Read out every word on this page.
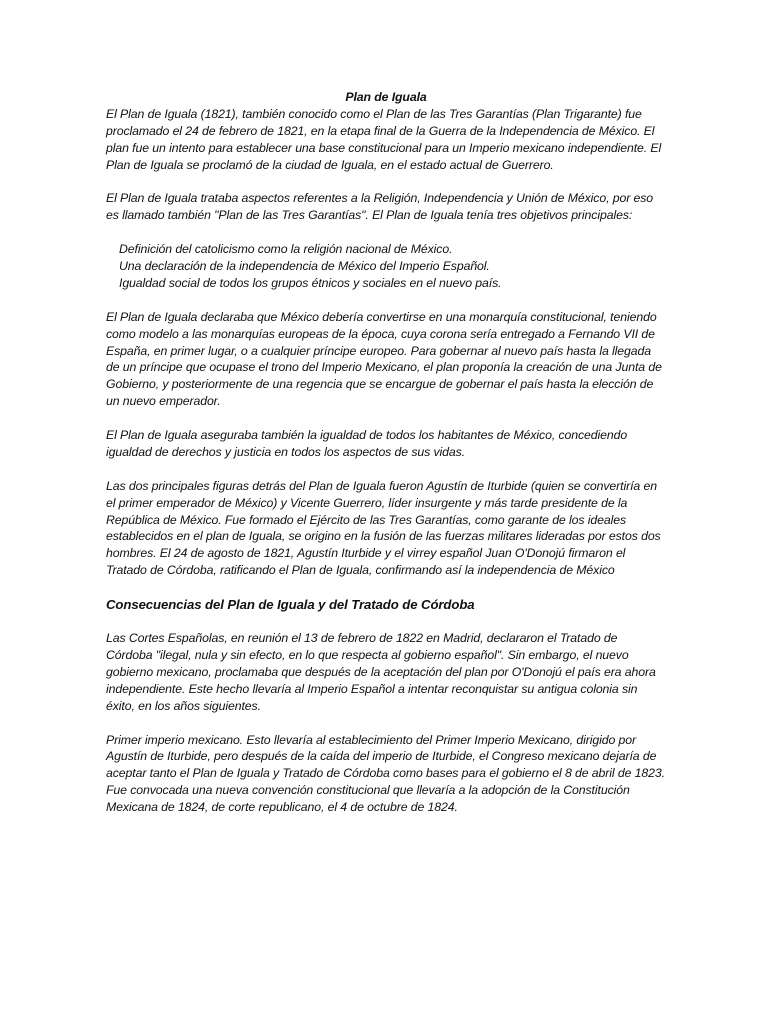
Plan de Iguala

El Plan de Iguala (1821), también conocido como el Plan de las Tres Garantías (Plan Trigarante) fue proclamado el 24 de febrero de 1821, en la etapa final de la Guerra de la Independencia de México. El plan fue un intento para establecer una base constitucional para un Imperio mexicano independiente. El Plan de Iguala se proclamó de la ciudad de Iguala, en el estado actual de Guerrero.

El Plan de Iguala trataba aspectos referentes a la Religión, Independencia y Unión de México, por eso es llamado también "Plan de las Tres Garantías". El Plan de Iguala tenía tres objetivos principales:

Definición del catolicismo como la religión nacional de México.
Una declaración de la independencia de México del Imperio Español.
Igualdad social de todos los grupos étnicos y sociales en el nuevo país.

El Plan de Iguala declaraba que México debería convertirse en una monarquía constitucional, teniendo como modelo a las monarquías europeas de la época, cuya corona sería entregado a Fernando VII de España, en primer lugar, o a cualquier príncipe europeo. Para gobernar al nuevo país hasta la llegada de un príncipe que ocupase el trono del Imperio Mexicano, el plan proponía la creación de una Junta de Gobierno, y posteriormente de una regencia que se encargue de gobernar el país hasta la elección de un nuevo emperador.

El Plan de Iguala aseguraba también la igualdad de todos los habitantes de México, concediendo igualdad de derechos y justicia en todos los aspectos de sus vidas.

Las dos principales figuras detrás del Plan de Iguala fueron Agustín de Iturbide (quien se convertiría en el primer emperador de México) y Vicente Guerrero, líder insurgente y más tarde presidente de la República de México. Fue formado el Ejército de las Tres Garantías, como garante de los ideales establecidos en el plan de Iguala, se origino en la fusión de las fuerzas militares lideradas por estos dos hombres. El 24 de agosto de 1821, Agustín Iturbide y el virrey español Juan O'Donojú firmaron el Tratado de Córdoba, ratificando el Plan de Iguala, confirmando así la independencia de México

Consecuencias del Plan de Iguala y del Tratado de Córdoba

Las Cortes Españolas, en reunión el 13 de febrero de 1822 en Madrid, declararon el Tratado de Córdoba "ilegal, nula y sin efecto, en lo que respecta al gobierno español". Sin embargo, el nuevo gobierno mexicano, proclamaba que después de la aceptación del plan por O'Donojú el país era ahora independiente. Este hecho llevaría al Imperio Español a intentar reconquistar su antigua colonia sin éxito, en los años siguientes.

Primer imperio mexicano. Esto llevaría al establecimiento del Primer Imperio Mexicano, dirigido por Agustín de Iturbide, pero después de la caída del imperio de Iturbide, el Congreso mexicano dejaría de aceptar tanto el Plan de Iguala y Tratado de Córdoba como bases para el gobierno el 8 de abril de 1823. Fue convocada una nueva convención constitucional que llevaría a la adopción de la Constitución Mexicana de 1824, de corte republicano, el 4 de octubre de 1824.
